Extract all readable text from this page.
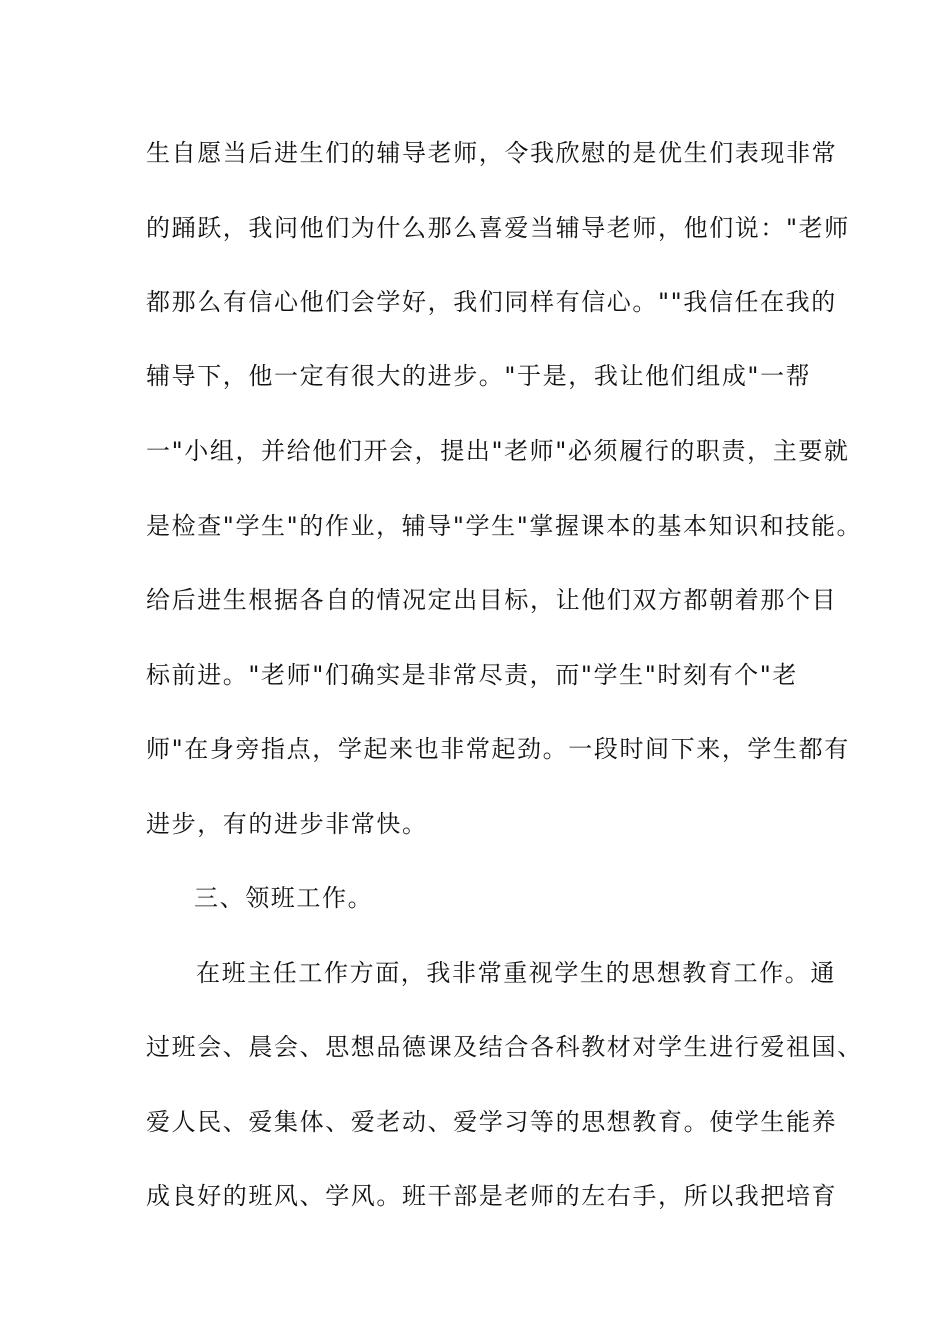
生自愿当后进生们的辅导老师，令我欣慰的是优生们表现非常
的踊跃，我问他们为什么那么喜爱当辅导老师，他们说："老师
都那么有信心他们会学好，我们同样有信心。""我信任在我的
辅导下，他一定有很大的进步。"于是，我让他们组成"一帮
一"小组，并给他们开会，提出"老师"必须履行的职责，主要就
是检查"学生"的作业，辅导"学生"掌握课本的基本知识和技能。
给后进生根据各自的情况定出目标，让他们双方都朝着那个目
标前进。"老师"们确实是非常尽责，而"学生"时刻有个"老
师"在身旁指点，学起来也非常起劲。一段时间下来，学生都有
进步，有的进步非常快。
三、领班工作。
在班主任工作方面，我非常重视学生的思想教育工作。通
过班会、晨会、思想品德课及结合各科教材对学生进行爱祖国、
爱人民、爱集体、爱老动、爱学习等的思想教育。使学生能养
成良好的班风、学风。班干部是老师的左右手，所以我把培育
